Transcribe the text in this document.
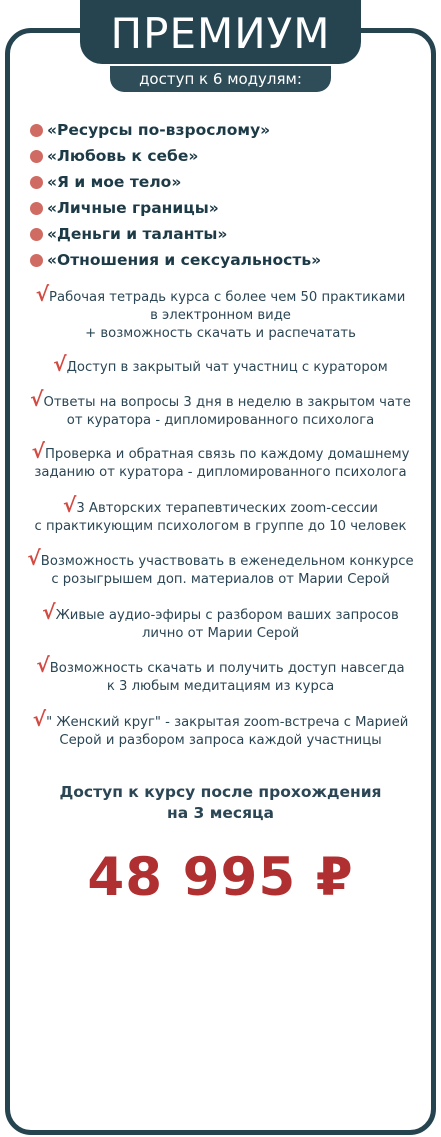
ПРЕМИУМ
доступ к 6 модулям:
«Ресурсы по-взрослому»
«Любовь к себе»
«Я и мое тело»
«Личные границы»
«Деньги и таланты»
«Отношения и сексуальность»
√Рабочая тетрадь курса с более чем 50 практиками
в электронном виде
+ возможность скачать и распечатать
√Доступ в закрытый чат участниц с куратором
√Ответы на вопросы 3 дня в неделю в закрытом чате
от куратора - дипломированного психолога
√Проверка и обратная связь по каждому домашнему
заданию от куратора - дипломированного психолога
√3 Авторских терапевтических zoom-сессии
с практикующим психологом в группе до 10 человек
√Возможность участвовать в еженедельном конкурсе
с розыгрышем доп. материалов от Марии Серой
√Живые аудио-эфиры с разбором ваших запросов
лично от Марии Серой
√Возможность скачать и получить доступ навсегда
к 3 любым медитациям из курса
√" Женский круг" - закрытая zoom-встреча с Марией
Серой и разбором запроса каждой участницы
Доступ к курсу после прохождения
на 3 месяца
48 995 ₽
